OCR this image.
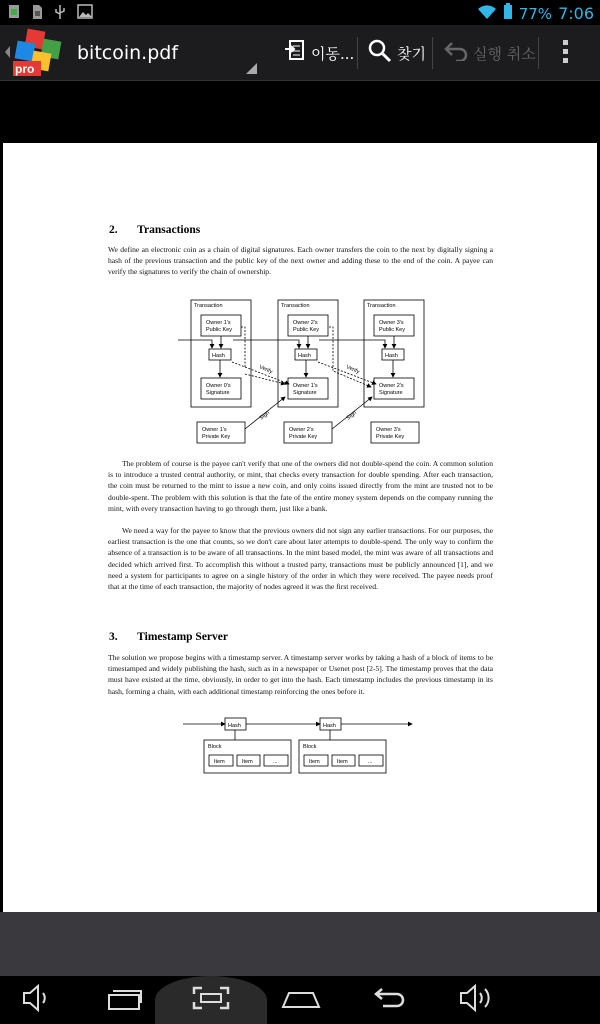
77% 7:06
pro
bitcoin.pdf	이동...	찾기	실행 취소
2. Transactions

We define an electronic coin as a chain of digital signatures. Each owner transfers the coin to the next by digitally signing a hash of the previous transaction and the public key of the next owner and adding these to the end of the coin. A payee can verify the signatures to verify the chain of ownership.

Transaction	Transaction	Transaction
Owner 1's
Public Key
Owner 2's
Public Key
Owner 3's
Public Key
Hash	Hash	Hash
Owner 0's
Signature
Owner 1's
Signature
Owner 2's
Signature
Owner 1's
Private Key
Owner 2's
Private Key
Owner 3's
Private Key
Verify	Verify
Sign	Sign

The problem of course is the payee can't verify that one of the owners did not double-spend the coin. A common solution is to introduce a trusted central authority, or mint, that checks every transaction for double spending. After each transaction, the coin must be returned to the mint to issue a new coin, and only coins issued directly from the mint are trusted not to be double-spent. The problem with this solution is that the fate of the entire money system depends on the company running the mint, with every transaction having to go through them, just like a bank.

We need a way for the payee to know that the previous owners did not sign any earlier transactions. For our purposes, the earliest transaction is the one that counts, so we don't care about later attempts to double-spend. The only way to confirm the absence of a transaction is to be aware of all transactions. In the mint based model, the mint was aware of all transactions and decided which arrived first. To accomplish this without a trusted party, transactions must be publicly announced [1], and we need a system for participants to agree on a single history of the order in which they were received. The payee needs proof that at the time of each transaction, the majority of nodes agreed it was the first received.

3. Timestamp Server

The solution we propose begins with a timestamp server. A timestamp server works by taking a hash of a block of items to be timestamped and widely publishing the hash, such as in a newspaper or Usenet post [2-5]. The timestamp proves that the data must have existed at the time, obviously, in order to get into the hash. Each timestamp includes the previous timestamp in its hash, forming a chain, with each additional timestamp reinforcing the ones before it.

Hash	Hash
Block	Block
Item	Item	...	Item	Item	...
